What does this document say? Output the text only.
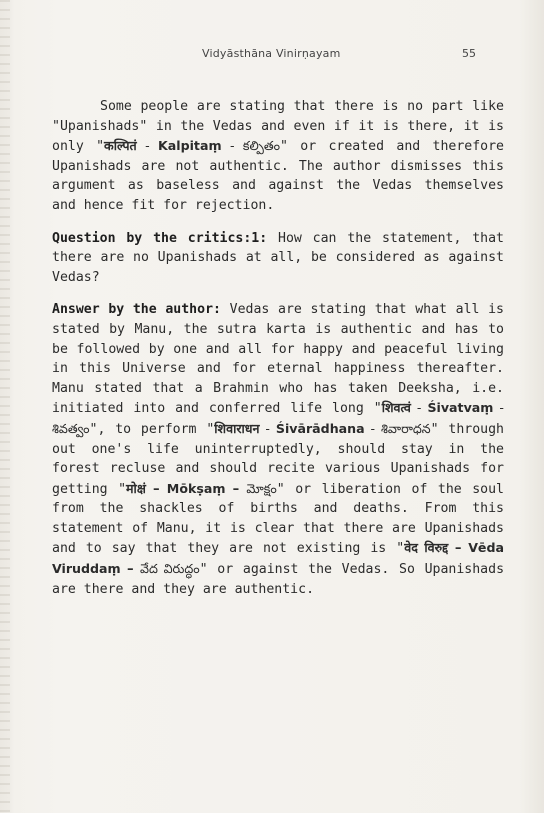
Vidyāsthāna Vinirṇayam	55

Some people are stating that there is no part like "Upanishads" in the Vedas and even if it is there, it is only "कल्पितं - Kalpitaṃ - కల్పితం" or created and therefore Upanishads are not authentic. The author dismisses this argument as baseless and against the Vedas themselves and hence fit for rejection.

Question by the critics:1: How can the statement, that there are no Upanishads at all, be considered as against Vedas?

Answer by the author: Vedas are stating that what all is stated by Manu, the sutra karta is authentic and has to be followed by one and all for happy and peaceful living in this Universe and for eternal happiness thereafter. Manu stated that a Brahmin who has taken Deeksha, i.e. initiated into and conferred life long "शिवत्वं - Śivatvaṃ - శివత్వం", to perform "शिवाराधन - Śivārādhana - శివారాధన" through out one's life uninterruptedly, should stay in the forest recluse and should recite various Upanishads for getting "मोक्षं – Mōkṣaṃ – మోక్షం" or liberation of the soul from the shackles of births and deaths. From this statement of Manu, it is clear that there are Upanishads and to say that they are not existing is "वेद विरुद्द – Vēda Viruddaṃ – వేద విరుద్ధం" or against the Vedas. So Upanishads are there and they are authentic.
